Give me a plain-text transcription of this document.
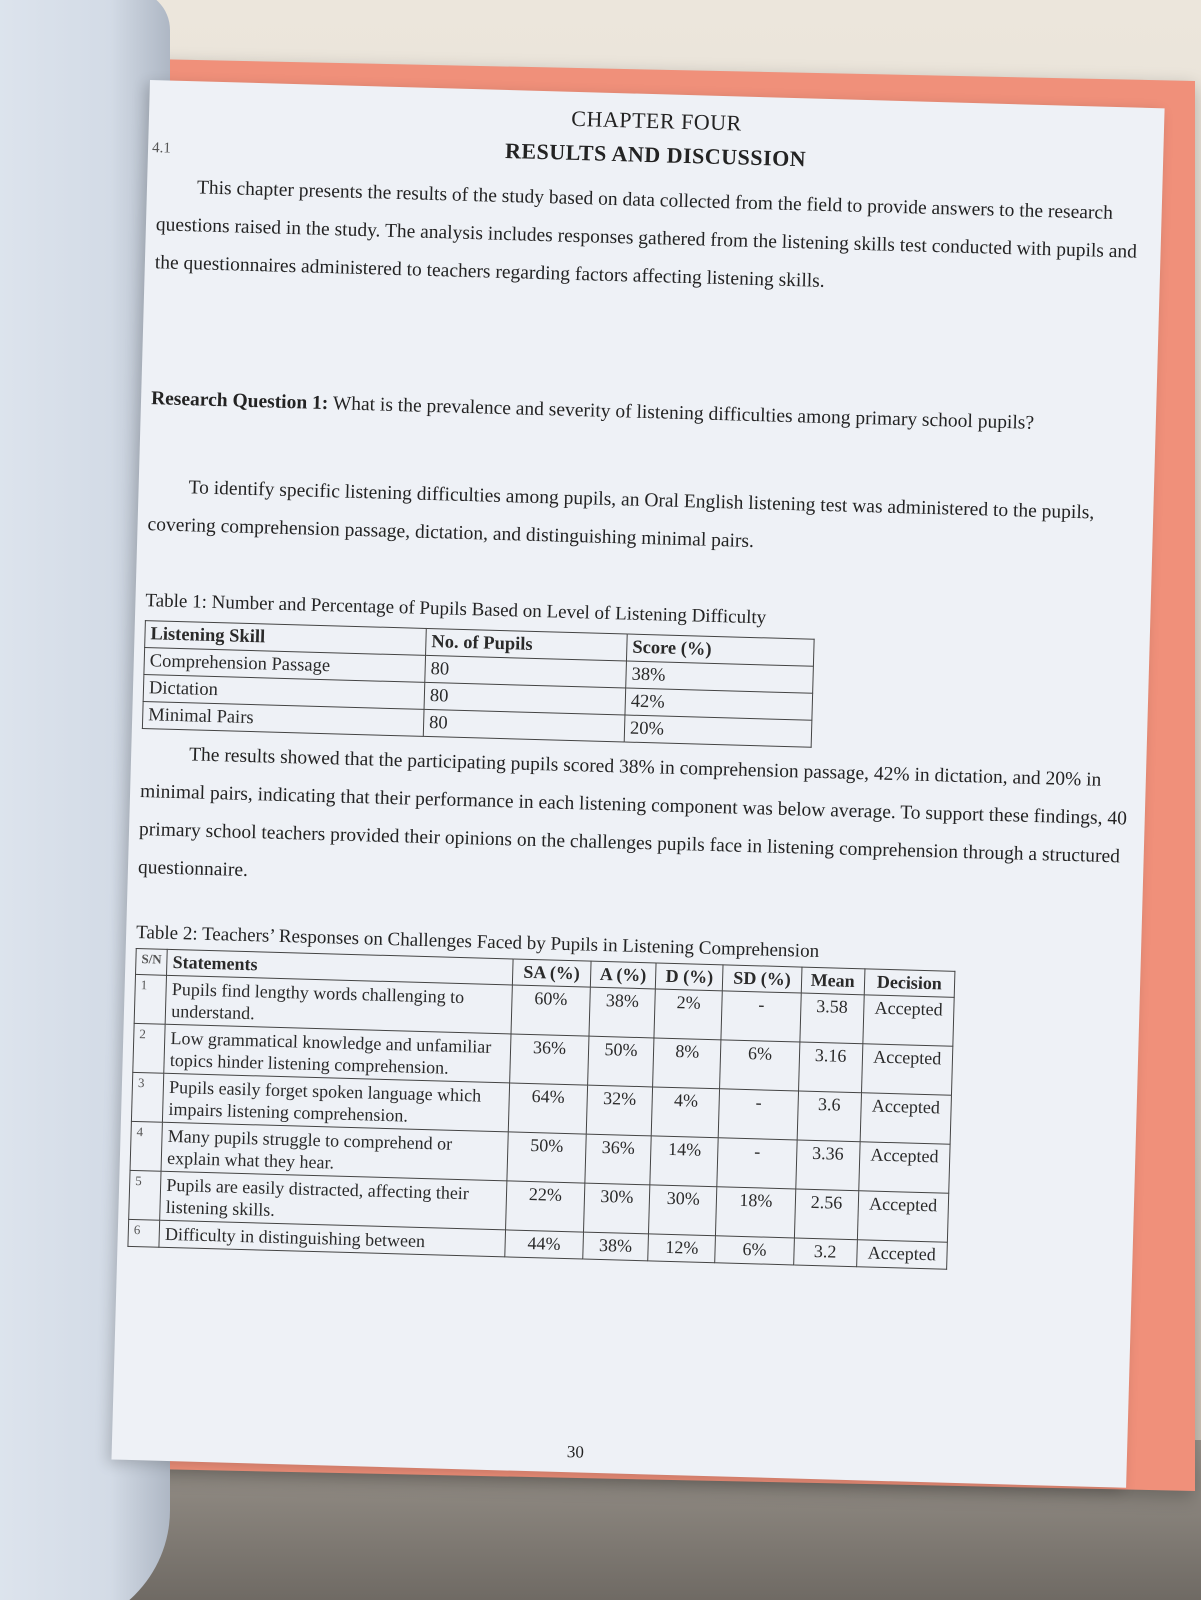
CHAPTER FOUR
RESULTS AND DISCUSSION
4.1
This chapter presents the results of the study based on data collected from the field to provide answers to the research questions raised in the study. The analysis includes responses gathered from the listening skills test conducted with pupils and the questionnaires administered to teachers regarding factors affecting listening skills.
Research Question 1: What is the prevalence and severity of listening difficulties among primary school pupils?
To identify specific listening difficulties among pupils, an Oral English listening test was administered to the pupils, covering comprehension passage, dictation, and distinguishing minimal pairs.
Table 1: Number and Percentage of Pupils Based on Level of Listening Difficulty
Listening Skill	No. of Pupils	Score (%)
Comprehension Passage	80	38%
Dictation	80	42%
Minimal Pairs	80	20%
The results showed that the participating pupils scored 38% in comprehension passage, 42% in dictation, and 20% in minimal pairs, indicating that their performance in each listening component was below average. To support these findings, 40 primary school teachers provided their opinions on the challenges pupils face in listening comprehension through a structured questionnaire.
Table 2: Teachers’ Responses on Challenges Faced by Pupils in Listening Comprehension
S/N	Statements	SA (%)	A (%)	D (%)	SD (%)	Mean	Decision
1	Pupils find lengthy words challenging to understand.	60%	38%	2%	-	3.58	Accepted
2	Low grammatical knowledge and unfamiliar topics hinder listening comprehension.	36%	50%	8%	6%	3.16	Accepted
3	Pupils easily forget spoken language which impairs listening comprehension.	64%	32%	4%	-	3.6	Accepted
4	Many pupils struggle to comprehend or explain what they hear.	50%	36%	14%	-	3.36	Accepted
5	Pupils are easily distracted, affecting their listening skills.	22%	30%	30%	18%	2.56	Accepted
6	Difficulty in distinguishing between	44%	38%	12%	6%	3.2	Accepted
30
